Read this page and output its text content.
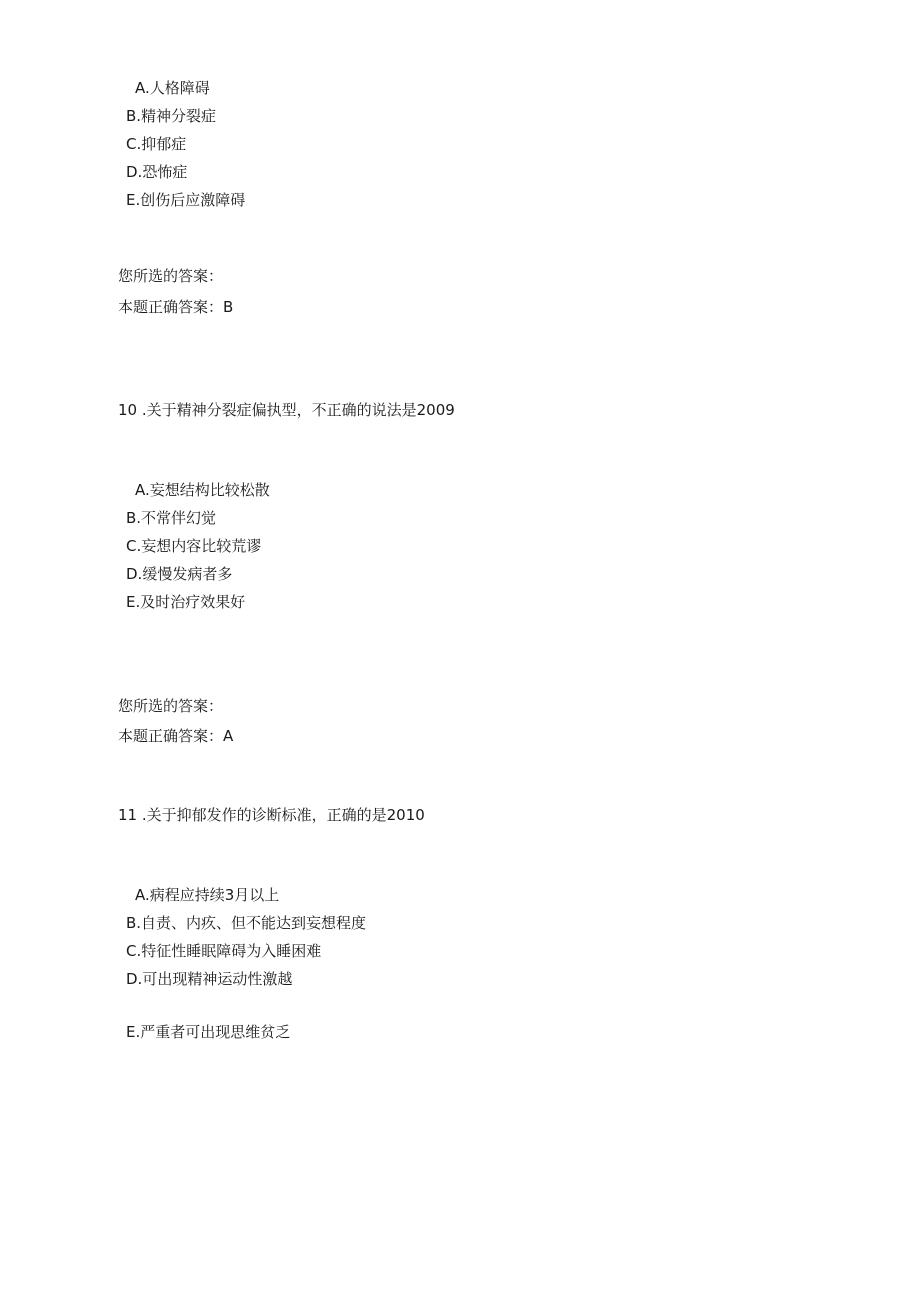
A.人格障碍
B.精神分裂症
C.抑郁症
D.恐怖症
E.创伤后应激障碍
您所选的答案：
本题正确答案：B
10 .关于精神分裂症偏执型，不正确的说法是2009
A.妄想结构比较松散
B.不常伴幻觉
C.妄想内容比较荒谬
D.缓慢发病者多
E.及时治疗效果好
您所选的答案：
本题正确答案：A
11 .关于抑郁发作的诊断标准，正确的是2010
A.病程应持续3月以上
B.自责、内疚、但不能达到妄想程度
C.特征性睡眠障碍为入睡困难
D.可出现精神运动性激越
E.严重者可出现思维贫乏
